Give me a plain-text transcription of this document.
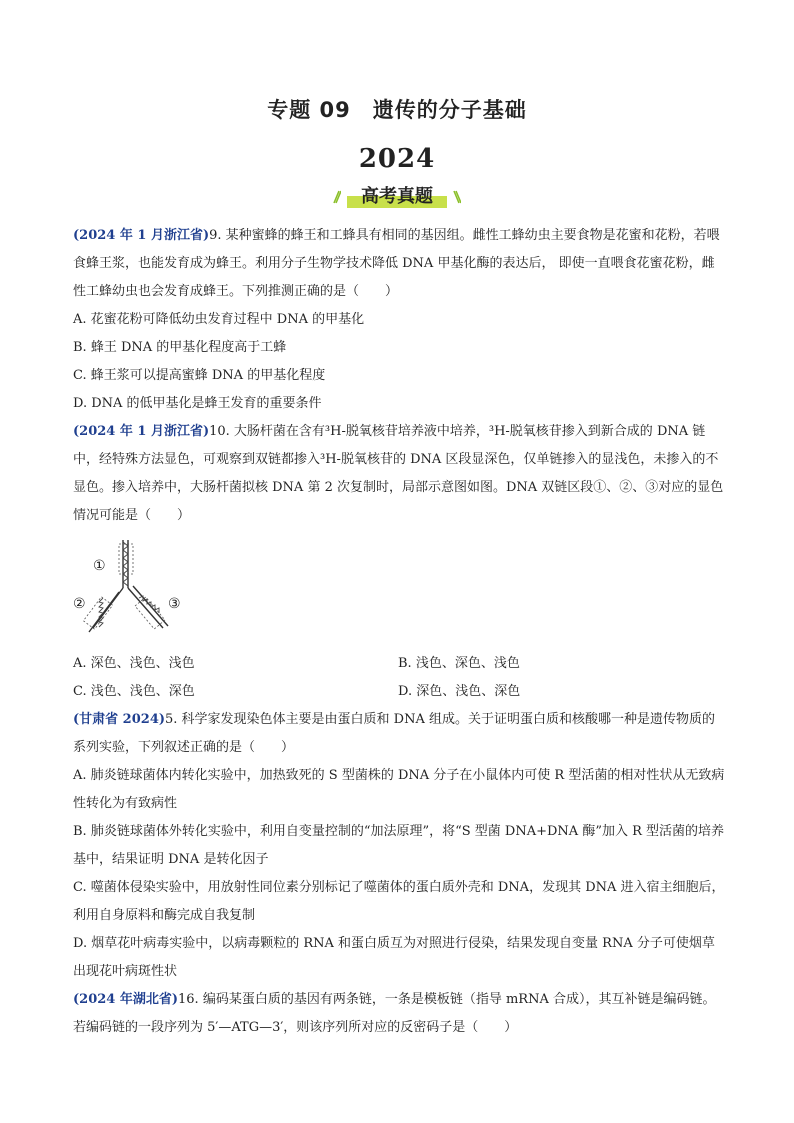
专题 09　遗传的分子基础
2024
高考真题

(2024 年 1 月浙江省)9. 某种蜜蜂的蜂王和工蜂具有相同的基因组。雌性工蜂幼虫主要食物是花蜜和花粉，若喂食蜂王浆，也能发育成为蜂王。利用分子生物学技术降低 DNA 甲基化酶的表达后， 即使一直喂食花蜜花粉，雌性工蜂幼虫也会发育成蜂王。下列推测正确的是（　　）

A. 花蜜花粉可降低幼虫发育过程中 DNA 的甲基化

B. 蜂王 DNA 的甲基化程度高于工蜂

C. 蜂王浆可以提高蜜蜂 DNA 的甲基化程度

D. DNA 的低甲基化是蜂王发育的重要条件

(2024 年 1 月浙江省)10. 大肠杆菌在含有³H-脱氧核苷培养液中培养，³H-脱氧核苷掺入到新合成的 DNA 链中，经特殊方法显色，可观察到双链都掺入³H-脱氧核苷的 DNA 区段显深色，仅单链掺入的显浅色，未掺入的不显色。掺入培养中，大肠杆菌拟核 DNA 第 2 次复制时，局部示意图如图。DNA 双链区段①、②、③对应的显色情况可能是（　　）

①
②	③
A. 深色、浅色、浅色	B. 浅色、深色、浅色
C. 浅色、浅色、深色	D. 深色、浅色、深色

(甘肃省 2024)5. 科学家发现染色体主要是由蛋白质和 DNA 组成。关于证明蛋白质和核酸哪一种是遗传物质的系列实验，下列叙述正确的是（　　）

A. 肺炎链球菌体内转化实验中，加热致死的 S 型菌株的 DNA 分子在小鼠体内可使 R 型活菌的相对性状从无致病性转化为有致病性

B. 肺炎链球菌体外转化实验中，利用自变量控制的“加法原理”，将“S 型菌 DNA+DNA 酶”加入 R 型活菌的培养基中，结果证明 DNA 是转化因子

C. 噬菌体侵染实验中，用放射性同位素分别标记了噬菌体的蛋白质外壳和 DNA，发现其 DNA 进入宿主细胞后，利用自身原料和酶完成自我复制

D. 烟草花叶病毒实验中，以病毒颗粒的 RNA 和蛋白质互为对照进行侵染，结果发现自变量 RNA 分子可使烟草出现花叶病斑性状

(2024 年湖北省)16. 编码某蛋白质的基因有两条链，一条是模板链（指导 mRNA 合成），其互补链是编码链。若编码链的一段序列为 5′—ATG—3′，则该序列所对应的反密码子是（　　）
